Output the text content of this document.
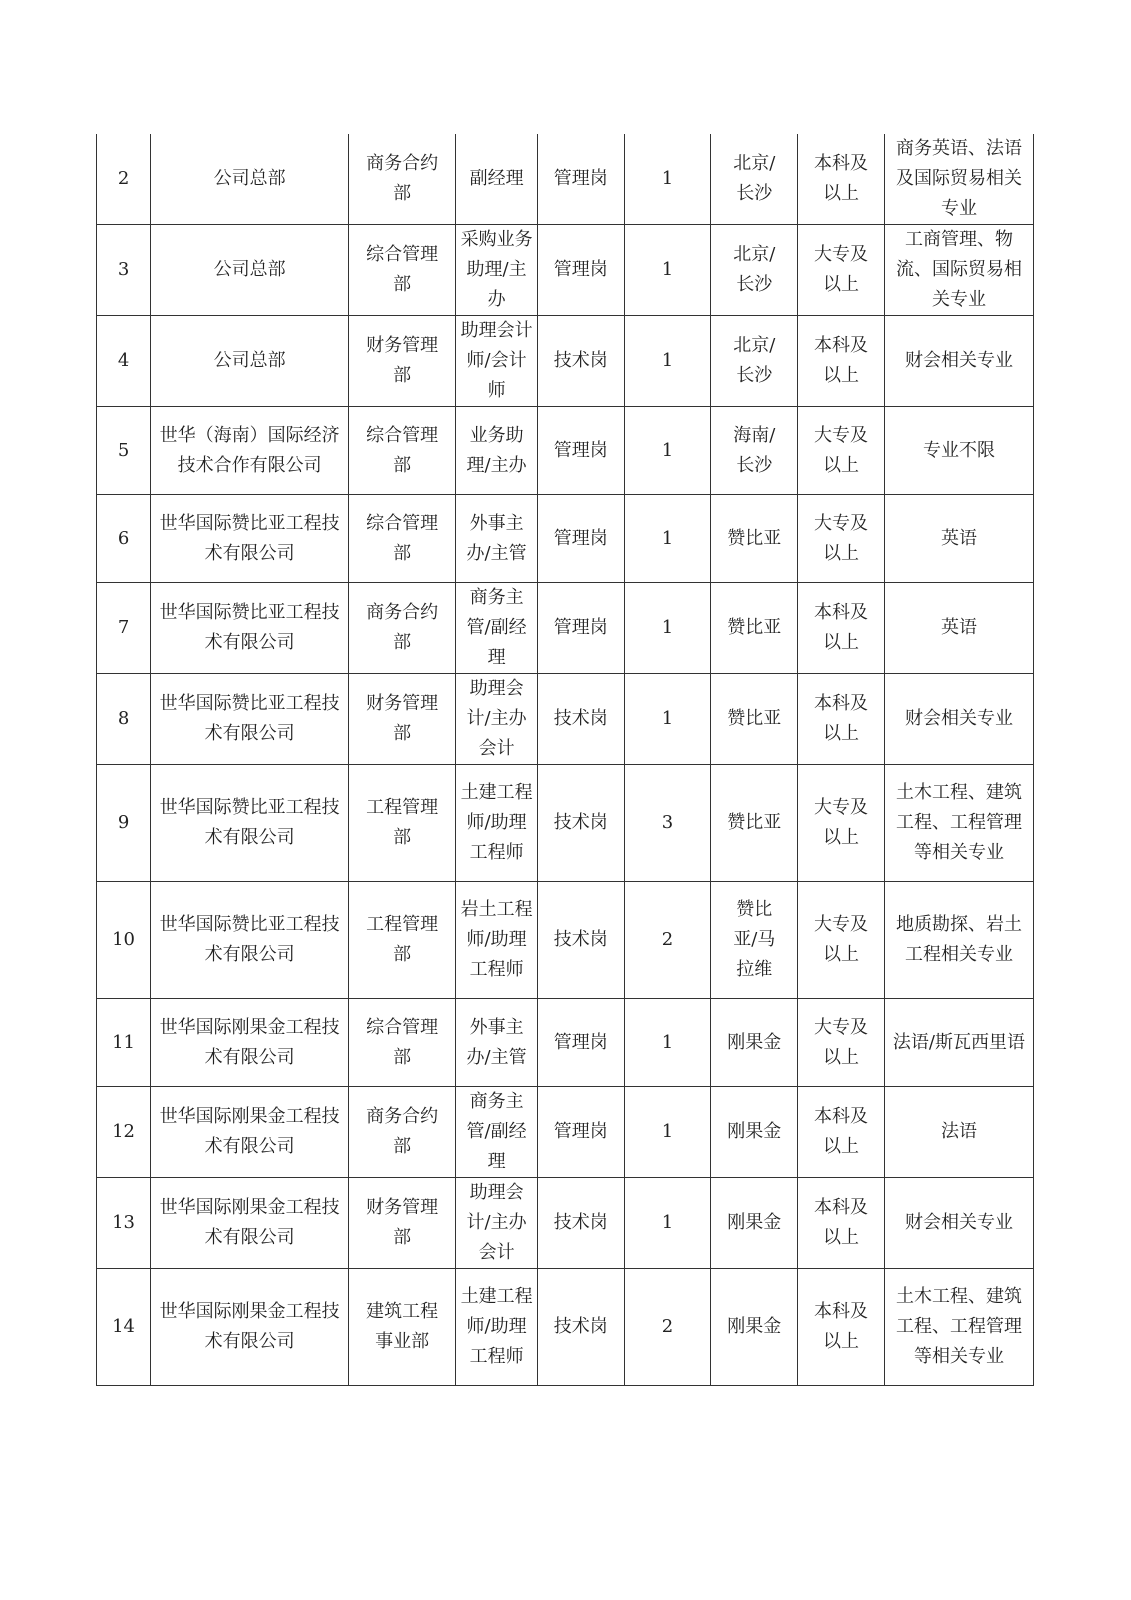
2	公司总部	商务合约部	副经理	管理岗	1	北京/长沙	本科及以上	商务英语、法语及国际贸易相关专业
3	公司总部	综合管理部	采购业务助理/主办	管理岗	1	北京/长沙	大专及以上	工商管理、物流、国际贸易相关专业
4	公司总部	财务管理部	助理会计师/会计师	技术岗	1	北京/长沙	本科及以上	财会相关专业
5	世华（海南）国际经济技术合作有限公司	综合管理部	业务助理/主办	管理岗	1	海南/长沙	大专及以上	专业不限
6	世华国际赞比亚工程技术有限公司	综合管理部	外事主办/主管	管理岗	1	赞比亚	大专及以上	英语
7	世华国际赞比亚工程技术有限公司	商务合约部	商务主管/副经理	管理岗	1	赞比亚	本科及以上	英语
8	世华国际赞比亚工程技术有限公司	财务管理部	助理会计/主办会计	技术岗	1	赞比亚	本科及以上	财会相关专业
9	世华国际赞比亚工程技术有限公司	工程管理部	土建工程师/助理工程师	技术岗	3	赞比亚	大专及以上	土木工程、建筑工程、工程管理等相关专业
10	世华国际赞比亚工程技术有限公司	工程管理部	岩土工程师/助理工程师	技术岗	2	赞比亚/马拉维	大专及以上	地质勘探、岩土工程相关专业
11	世华国际刚果金工程技术有限公司	综合管理部	外事主办/主管	管理岗	1	刚果金	大专及以上	法语/斯瓦西里语
12	世华国际刚果金工程技术有限公司	商务合约部	商务主管/副经理	管理岗	1	刚果金	本科及以上	法语
13	世华国际刚果金工程技术有限公司	财务管理部	助理会计/主办会计	技术岗	1	刚果金	本科及以上	财会相关专业
14	世华国际刚果金工程技术有限公司	建筑工程事业部	土建工程师/助理工程师	技术岗	2	刚果金	本科及以上	土木工程、建筑工程、工程管理等相关专业
